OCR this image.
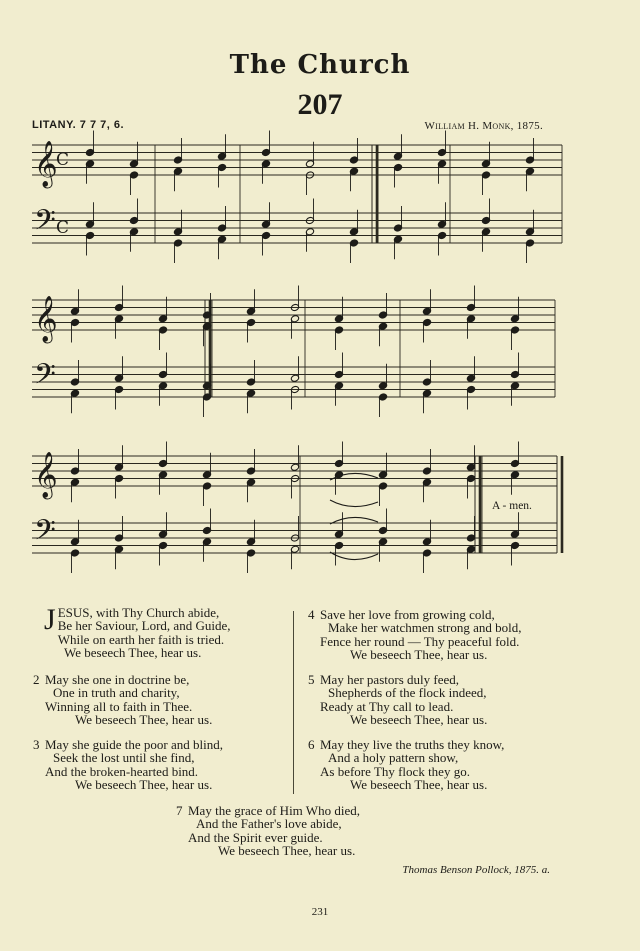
The Church
207
LITANY. 7 7 7, 6.	William H. Monk, 1875.
𝄞
C
𝄢 C
𝄞
𝄢
𝄞
𝄢
A - men.
J ESUS, with Thy Church abide,
Be her Saviour, Lord, and Guide,
While on earth her faith is tried.
We beseech Thee, hear us.
2 May she one in doctrine be,
One in truth and charity,
Winning all to faith in Thee.
We beseech Thee, hear us.
3 May she guide the poor and blind,
Seek the lost until she find,
And the broken-hearted bind.
We beseech Thee, hear us.
4 Save her love from growing cold,
Make her watchmen strong and bold,
Fence her round — Thy peaceful fold.
We beseech Thee, hear us.
5 May her pastors duly feed,
Shepherds of the flock indeed,
Ready at Thy call to lead.
We beseech Thee, hear us.
6 May they live the truths they know,
And a holy pattern show,
As before Thy flock they go.
We beseech Thee, hear us.
7 May the grace of Him Who died,
And the Father's love abide,
And the Spirit ever guide.
We beseech Thee, hear us.
Thomas Benson Pollock, 1875. a.
231
